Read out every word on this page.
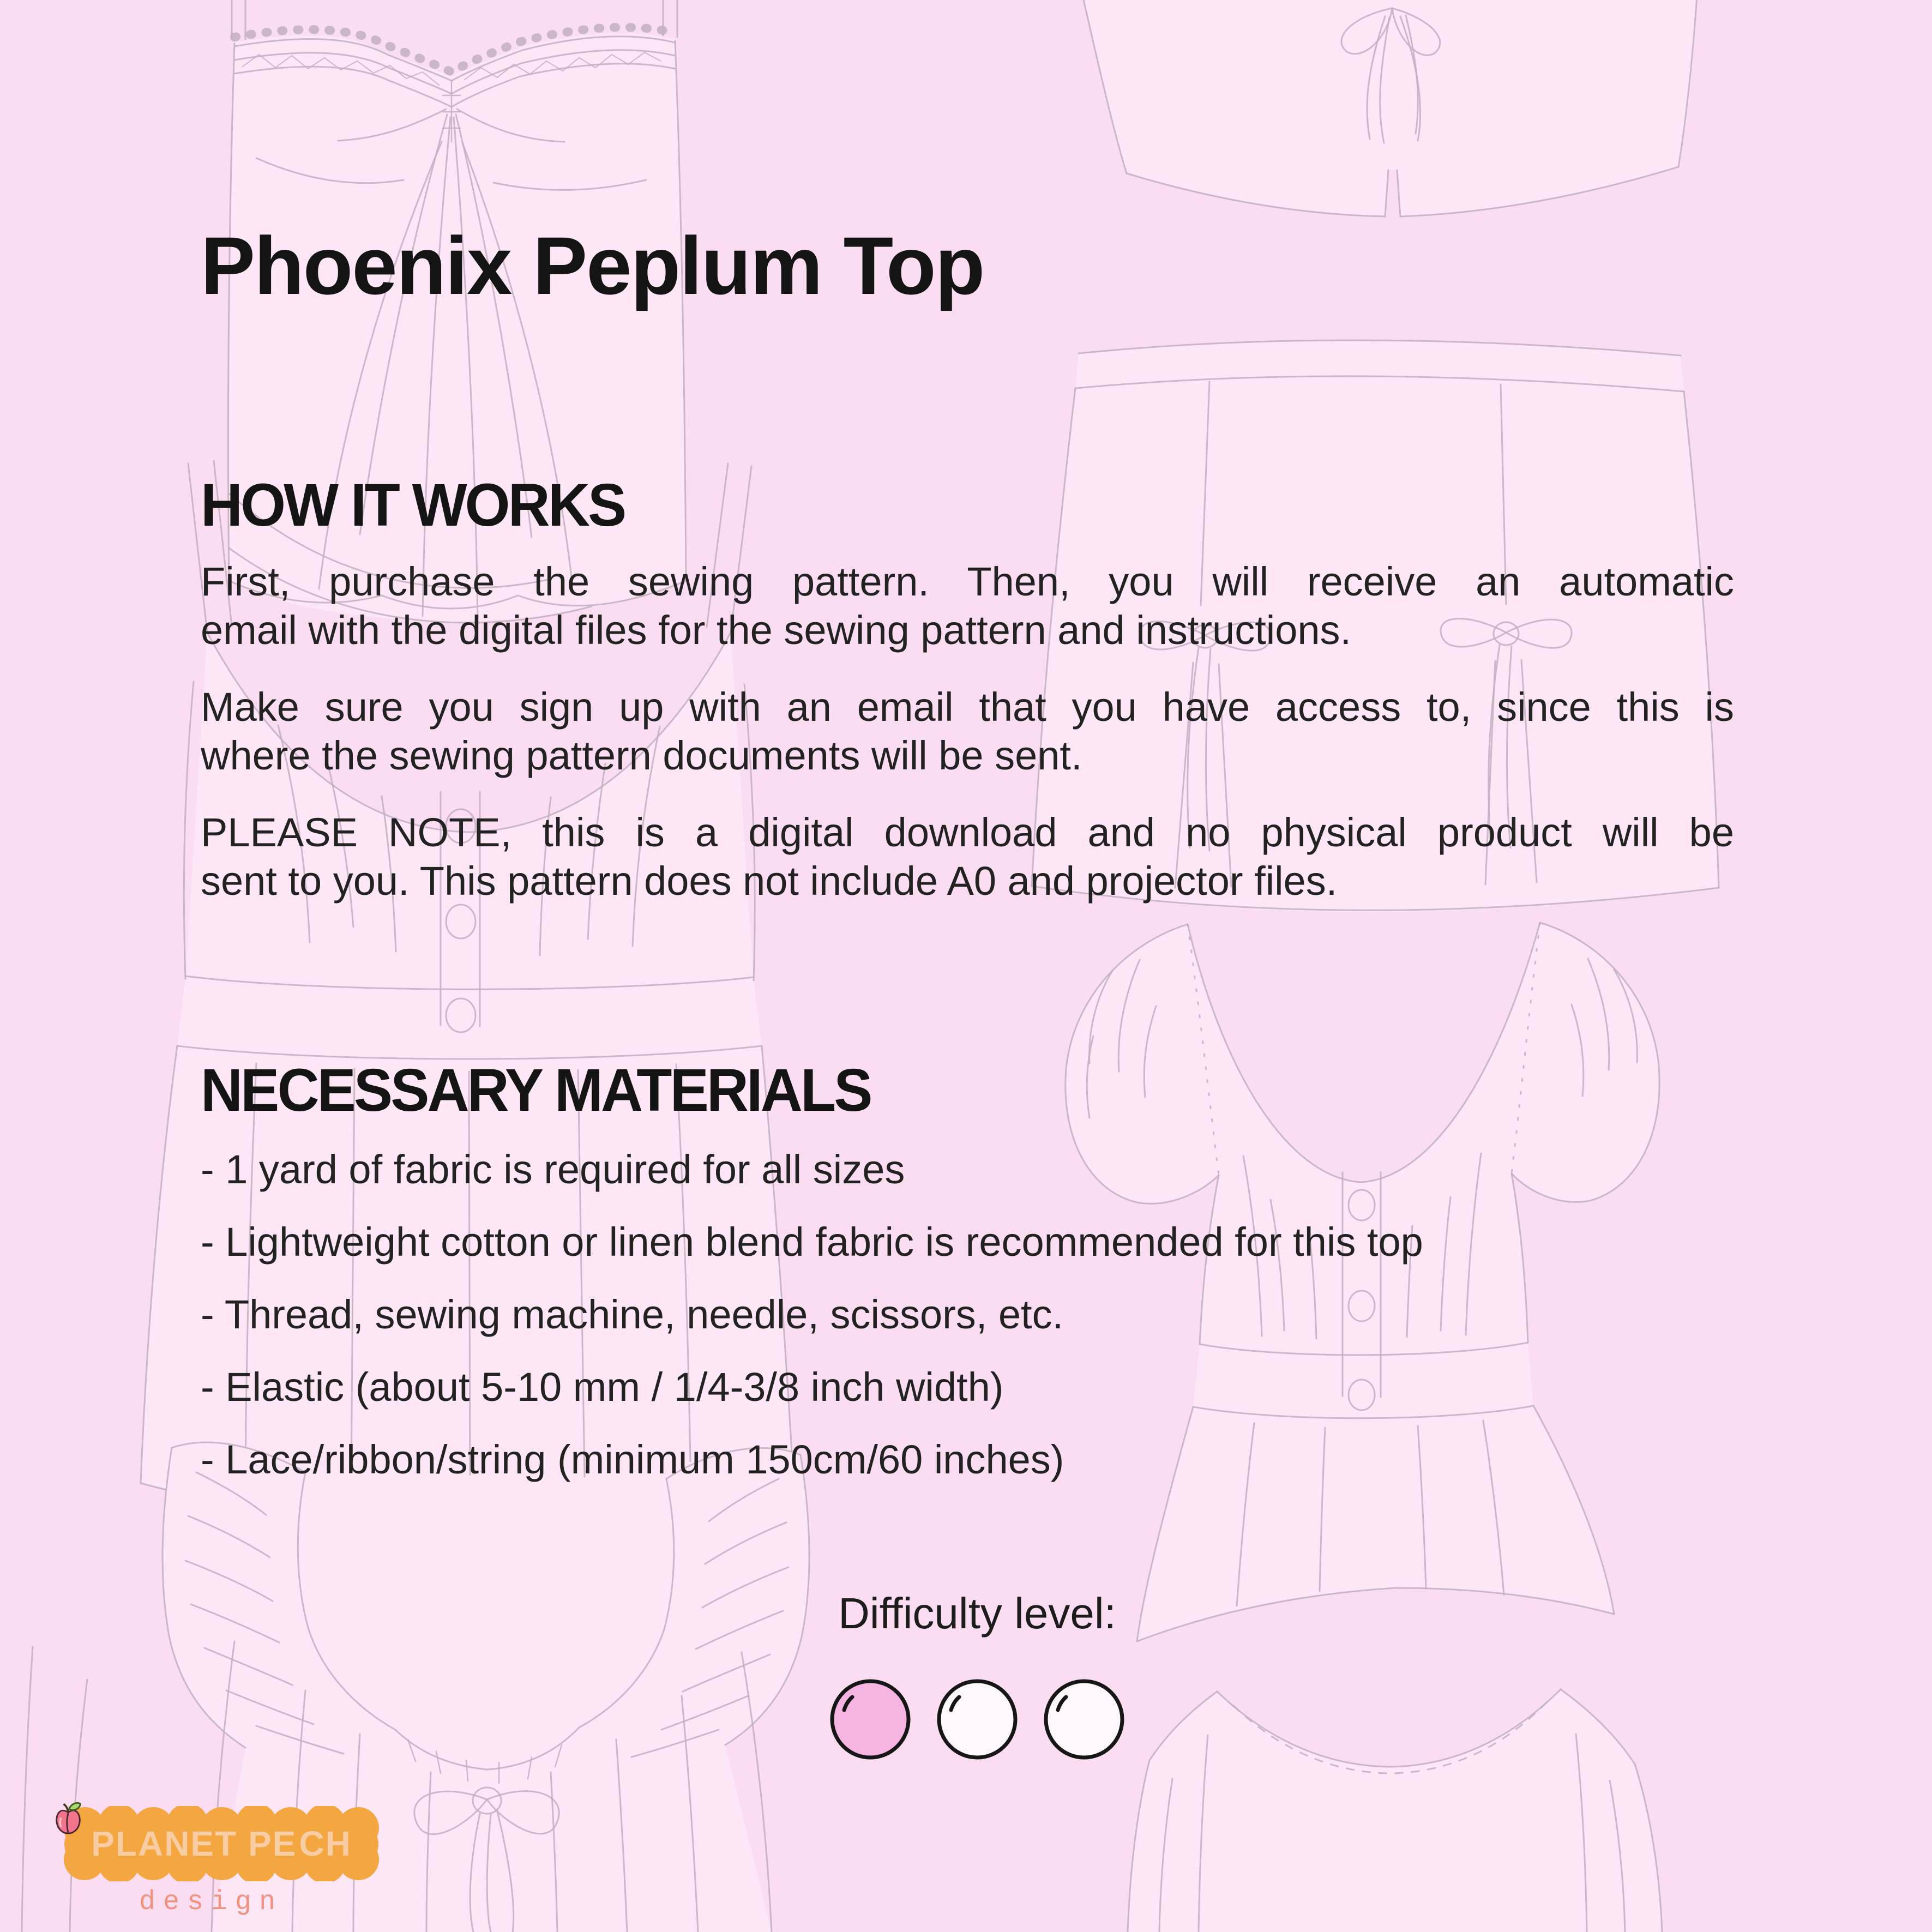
Phoenix Peplum Top
HOW IT WORKS

First, purchase the sewing pattern. Then, you will receive an automatic
email with the digital files for the sewing pattern and instructions.

Make sure you sign up with an email that you have access to, since this is
where the sewing pattern documents will be sent.

PLEASE NOTE, this is a digital download and no physical product will be
sent to you. This pattern does not include A0 and projector files.

NECESSARY MATERIALS
- 1 yard of fabric is required for all sizes
- Lightweight cotton or linen blend fabric is recommended for this top
- Thread, sewing machine, needle, scissors, etc.
- Elastic (about 5-10 mm / 1/4-3/8 inch width)
- Lace/ribbon/string (minimum 150cm/60 inches)
Difficulty level:
PLANET PE CH
design
